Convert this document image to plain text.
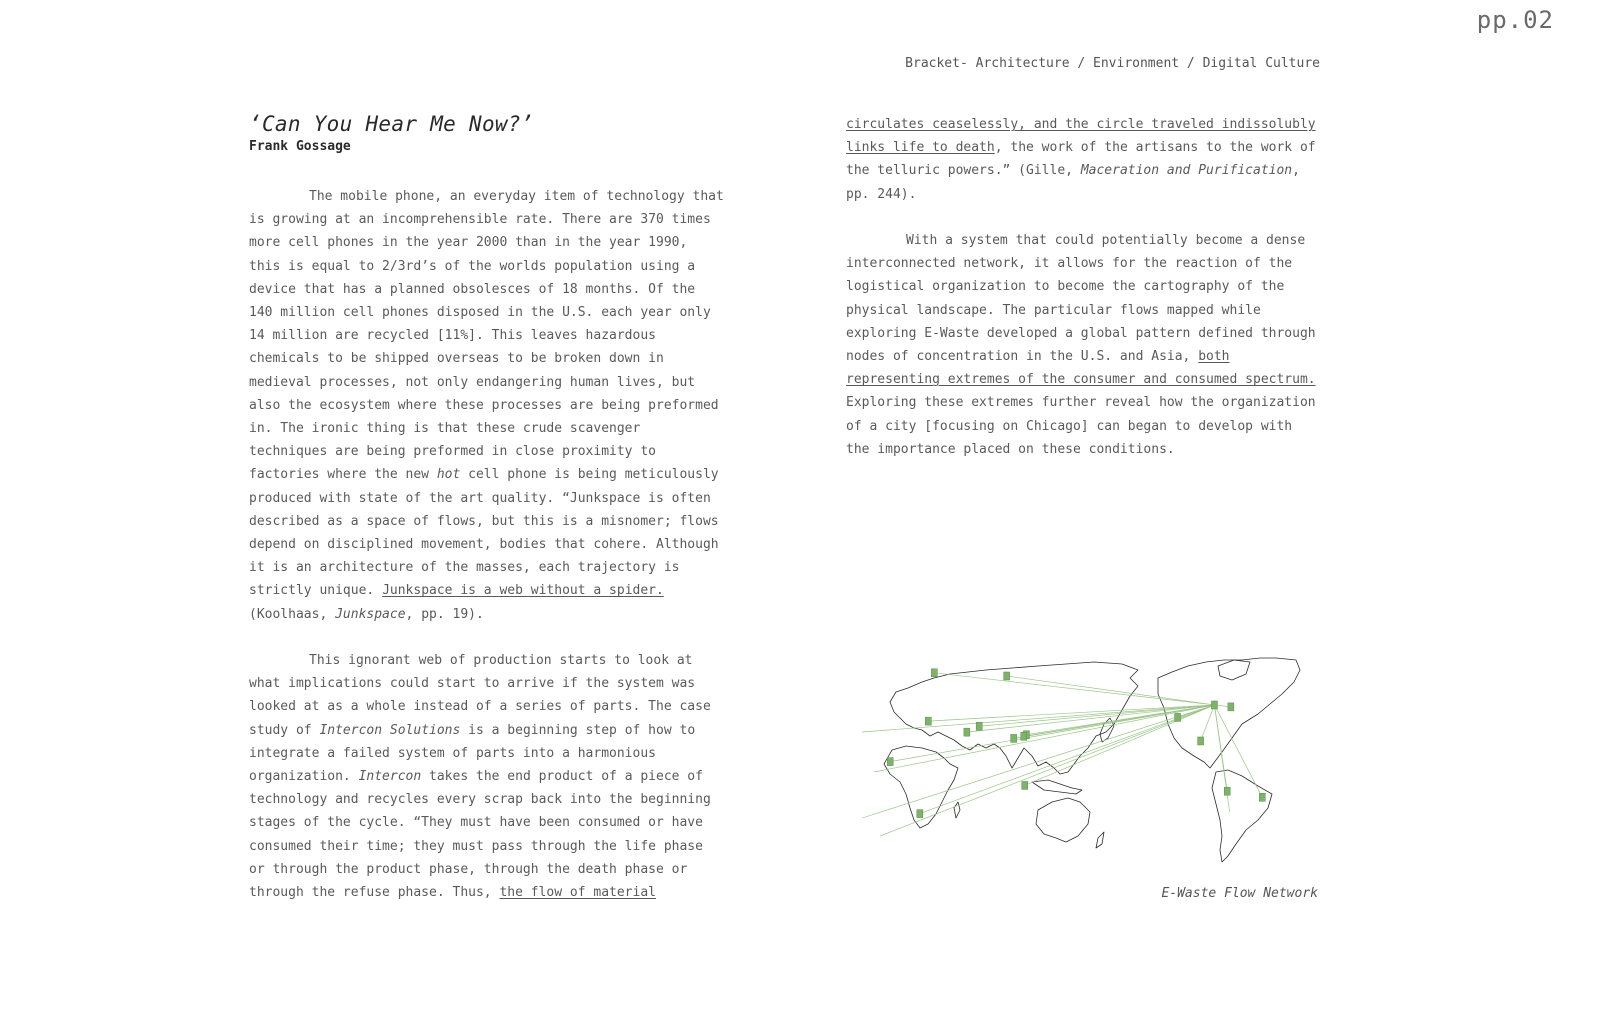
pp.02
Bracket- Architecture / Environment / Digital Culture
‘Can You Hear Me Now?’
Frank Gossage

The mobile phone, an everyday item of technology that is growing at an incomprehensible rate. There are 370 times more cell phones in the year 2000 than in the year 1990, this is equal to 2/3rd’s of the worlds population using a device that has a planned obsolesces of 18 months. Of the 140 million cell phones disposed in the U.S. each year only 14 million are recycled [11%]. This leaves hazardous chemicals to be shipped overseas to be broken down in medieval processes, not only endangering human lives, but also the ecosystem where these processes are being preformed in. The ironic thing is that these crude scavenger techniques are being preformed in close proximity to factories where the new hot cell phone is being meticulously produced with state of the art quality. “Junkspace is often described as a space of flows, but this is a misnomer; flows depend on disciplined movement, bodies that cohere. Although it is an architecture of the masses, each trajectory is strictly unique. Junkspace is a web without a spider. (Koolhaas, Junkspace, pp. 19).

This ignorant web of production starts to look at what implications could start to arrive if the system was looked at as a whole instead of a series of parts. The case study of Intercon Solutions is a beginning step of how to integrate a failed system of parts into a harmonious organization. Intercon takes the end product of a piece of technology and recycles every scrap back into the beginning stages of the cycle. “They must have been consumed or have consumed their time; they must pass through the life phase or through the product phase, through the death phase or through the refuse phase. Thus, the flow of material

circulates ceaselessly, and the circle traveled indissolubly links life to death, the work of the artisans to the work of the telluric powers.” (Gille, Maceration and Purification, pp. 244).

With a system that could potentially become a dense interconnected network, it allows for the reaction of the logistical organization to become the cartography of the physical landscape. The particular flows mapped while exploring E-Waste developed a global pattern defined through nodes of concentration in the U.S. and Asia, both representing extremes of the consumer and consumed spectrum. Exploring these extremes further reveal how the organization of a city [focusing on Chicago] can began to develop with the importance placed on these conditions.

E-Waste Flow Network
